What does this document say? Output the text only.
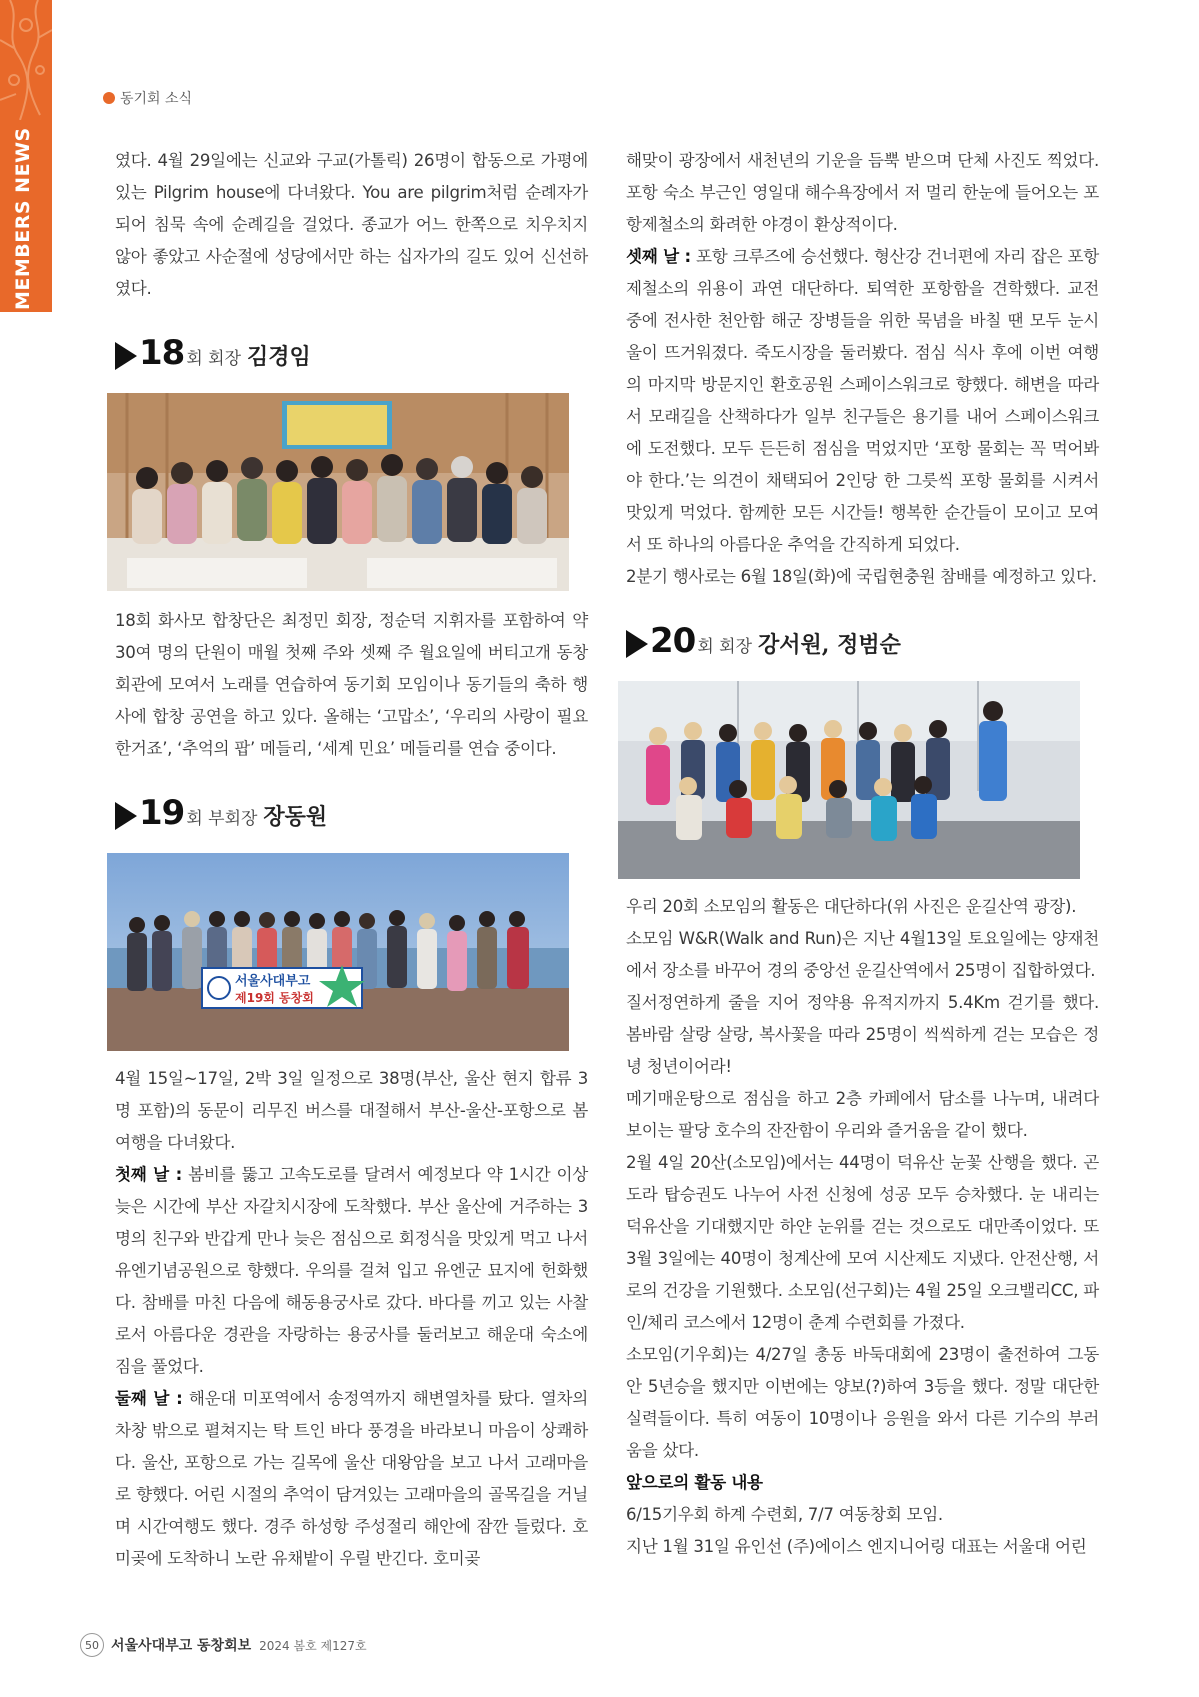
MEMBERS NEWS
동기회 소식

였다. 4월 29일에는 신교와 구교(가톨릭) 26명이 합동으로 가평에 있는 Pilgrim house에 다녀왔다. You are pilgrim처럼 순례자가 되어 침묵 속에 순례길을 걸었다. 종교가 어느 한쪽으로 치우치지 않아 좋았고 사순절에 성당에서만 하는 십자가의 길도 있어 신선하였다.

18 회 회장 김경임

18회 화사모 합창단은 최정민 회장, 정순덕 지휘자를 포함하여 약 30여 명의 단원이 매월 첫째 주와 셋째 주 월요일에 버티고개 동창회관에 모여서 노래를 연습하여 동기회 모임이나 동기들의 축하 행사에 합창 공연을 하고 있다. 올해는 ‘고맙소’, ‘우리의 사랑이 필요한거죠’, ‘추억의 팝’ 메들리, ‘세계 민요’ 메들리를 연습 중이다.

19 회 부회장 장동원
서울사대부고
제19회 동창회

4월 15일~17일, 2박 3일 일정으로 38명(부산, 울산 현지 합류 3명 포함)의 동문이 리무진 버스를 대절해서 부산-울산-포항으로 봄 여행을 다녀왔다.

첫째 날 : 봄비를 뚫고 고속도로를 달려서 예정보다 약 1시간 이상 늦은 시간에 부산 자갈치시장에 도착했다. 부산 울산에 거주하는 3명의 친구와 반갑게 만나 늦은 점심으로 회정식을 맛있게 먹고 나서 유엔기념공원으로 향했다. 우의를 걸쳐 입고 유엔군 묘지에 헌화했다. 참배를 마친 다음에 해동용궁사로 갔다. 바다를 끼고 있는 사찰로서 아름다운 경관을 자랑하는 용궁사를 둘러보고 해운대 숙소에 짐을 풀었다.

둘째 날 : 해운대 미포역에서 송정역까지 해변열차를 탔다. 열차의 차창 밖으로 펼쳐지는 탁 트인 바다 풍경을 바라보니 마음이 상쾌하다. 울산, 포항으로 가는 길목에 울산 대왕암을 보고 나서 고래마을로 향했다. 어린 시절의 추억이 담겨있는 고래마을의 골목길을 거닐며 시간여행도 했다. 경주 하성항 주성절리 해안에 잠깐 들렀다. 호미곶에 도착하니 노란 유채밭이 우릴 반긴다. 호미곶

해맞이 광장에서 새천년의 기운을 듬뿍 받으며 단체 사진도 찍었다. 포항 숙소 부근인 영일대 해수욕장에서 저 멀리 한눈에 들어오는 포항제철소의 화려한 야경이 환상적이다.

셋째 날 : 포항 크루즈에 승선했다. 형산강 건너편에 자리 잡은 포항제철소의 위용이 과연 대단하다. 퇴역한 포항함을 견학했다. 교전 중에 전사한 천안함 해군 장병들을 위한 묵념을 바칠 땐 모두 눈시울이 뜨거워졌다. 죽도시장을 둘러봤다. 점심 식사 후에 이번 여행의 마지막 방문지인 환호공원 스페이스워크로 향했다. 해변을 따라서 모래길을 산책하다가 일부 친구들은 용기를 내어 스페이스워크에 도전했다. 모두 든든히 점심을 먹었지만 ‘포항 물회는 꼭 먹어봐야 한다.’는 의견이 채택되어 2인당 한 그릇씩 포항 물회를 시켜서 맛있게 먹었다. 함께한 모든 시간들! 행복한 순간들이 모이고 모여서 또 하나의 아름다운 추억을 간직하게 되었다.

2분기 행사로는 6월 18일(화)에 국립현충원 참배를 예정하고 있다.

20 회 회장 강서원, 정범순

우리 20회 소모임의 활동은 대단하다(위 사진은 운길산역 광장).

소모임 W&R(Walk and Run)은 지난 4월13일 토요일에는 양재천에서 장소를 바꾸어 경의 중앙선 운길산역에서 25명이 집합하였다.

질서정연하게 줄을 지어 정약용 유적지까지 5.4Km 걷기를 했다. 봄바람 살랑 살랑, 복사꽃을 따라 25명이 씩씩하게 걷는 모습은 정녕 청년이어라!

메기매운탕으로 점심을 하고 2층 카페에서 담소를 나누며, 내려다 보이는 팔당 호수의 잔잔함이 우리와 즐거움을 같이 했다.

2월 4일 20산(소모임)에서는 44명이 덕유산 눈꽃 산행을 했다. 곤도라 탑승권도 나누어 사전 신청에 성공 모두 승차했다. 눈 내리는 덕유산을 기대했지만 하얀 눈위를 걷는 것으로도 대만족이었다. 또 3월 3일에는 40명이 청계산에 모여 시산제도 지냈다. 안전산행, 서로의 건강을 기원했다. 소모임(선구회)는 4월 25일 오크밸리CC, 파인/체리 코스에서 12명이 춘계 수련회를 가졌다.

소모임(기우회)는 4/27일 총동 바둑대회에 23명이 출전하여 그동안 5년승을 했지만 이번에는 양보(?)하여 3등을 했다. 정말 대단한 실력들이다. 특히 여동이 10명이나 응원을 와서 다른 기수의 부러움을 샀다.

앞으로의 활동 내용

6/15기우회 하계 수련회, 7/7 여동창회 모임.

지난 1월 31일 유인선 (주)에이스 엔지니어링 대표는 서울대 어린

50 서울사대부고 동창회보 2024 봄호 제127호
